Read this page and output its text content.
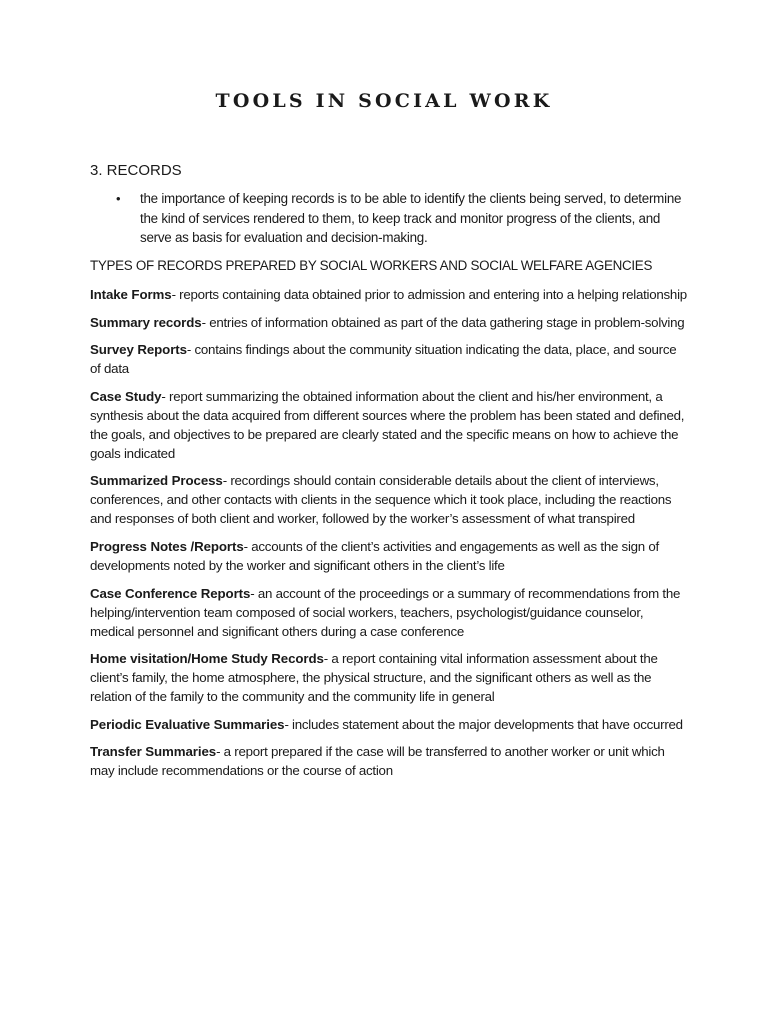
TOOLS IN SOCIAL WORK
3. RECORDS
• the importance of keeping records is to be able to identify the clients being served, to determine the kind of services rendered to them, to keep track and monitor progress of the clients, and serve as basis for evaluation and decision-making.

TYPES OF RECORDS PREPARED BY SOCIAL WORKERS AND SOCIAL WELFARE AGENCIES

Intake Forms- reports containing data obtained prior to admission and entering into a helping relationship

Summary records- entries of information obtained as part of the data gathering stage in problem-solving

Survey Reports- contains findings about the community situation indicating the data, place, and source of data

Case Study- report summarizing the obtained information about the client and his/her environment, a synthesis about the data acquired from different sources where the problem has been stated and defined, the goals, and objectives to be prepared are clearly stated and the specific means on how to achieve the goals indicated

Summarized Process- recordings should contain considerable details about the client of interviews, conferences, and other contacts with clients in the sequence which it took place, including the reactions and responses of both client and worker, followed by the worker’s assessment of what transpired

Progress Notes /Reports- accounts of the client’s activities and engagements as well as the sign of developments noted by the worker and significant others in the client’s life

Case Conference Reports- an account of the proceedings or a summary of recommendations from the helping/intervention team composed of social workers, teachers, psychologist/guidance counselor, medical personnel and significant others during a case conference

Home visitation/Home Study Records- a report containing vital information assessment about the client’s family, the home atmosphere, the physical structure, and the significant others as well as the relation of the family to the community and the community life in general

Periodic Evaluative Summaries- includes statement about the major developments that have occurred

Transfer Summaries- a report prepared if the case will be transferred to another worker or unit which may include recommendations or the course of action
